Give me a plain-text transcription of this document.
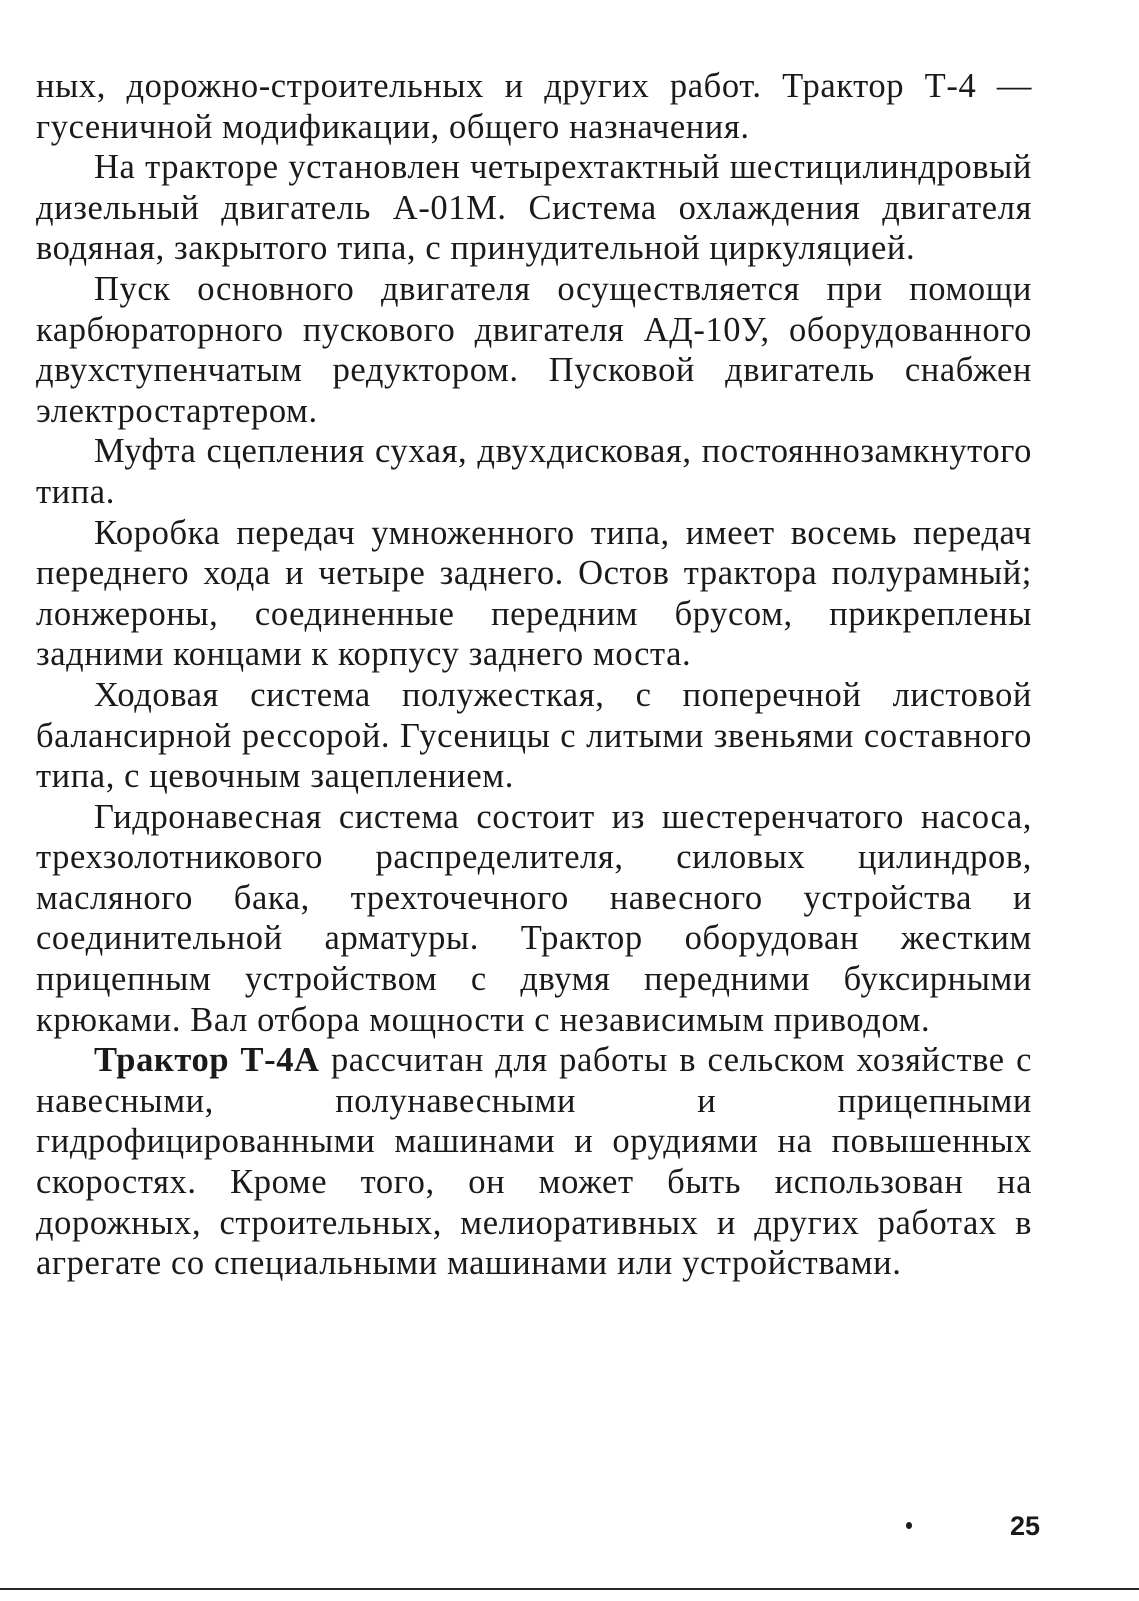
ных, дорожно-строительных и других работ. Трактор Т-4 — гусеничной модификации, общего назначения.

На тракторе установлен четырехтактный шестицилиндровый дизельный двигатель А-01М. Система охлаждения двигателя водяная, закрытого типа, с принудительной циркуляцией.

Пуск основного двигателя осуществляется при помощи карбюраторного пускового двигателя АД-10У, оборудованного двухступенчатым редуктором. Пусковой двигатель снабжен электростартером.

Муфта сцепления сухая, двухдисковая, постояннозамкнутого типа.

Коробка передач умноженного типа, имеет восемь передач переднего хода и четыре заднего. Остов трактора полурамный; лонжероны, соединенные передним брусом, прикреплены задними концами к корпусу заднего моста.

Ходовая система полужесткая, с поперечной листовой балансирной рессорой. Гусеницы с литыми звеньями составного типа, с цевочным зацеплением.

Гидронавесная система состоит из шестеренчатого насоса, трехзолотникового распределителя, силовых цилиндров, масляного бака, трехточечного навесного устройства и соединительной арматуры. Трактор оборудован жестким прицепным устройством с двумя передними буксирными крюками. Вал отбора мощности с независимым приводом.

Трактор Т-4А рассчитан для работы в сельском хозяйстве с навесными, полунавесными и прицепными гидрофицированными машинами и орудиями на повышенных скоростях. Кроме того, он может быть использован на дорожных, строительных, мелиоративных и других работах в агрегате со специальными машинами или устройствами.

25
